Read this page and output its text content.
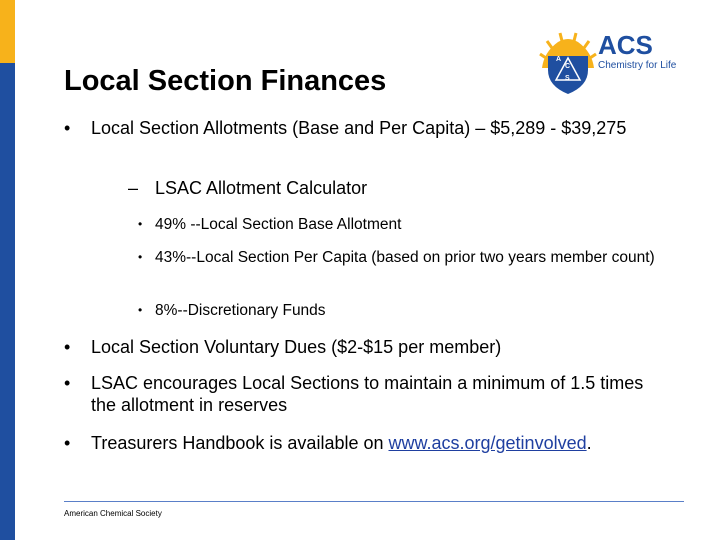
A
C
S
ACS
Chemistry for Life
Local Section Finances
• Local Section Allotments (Base and Per Capita) – $5,289 - $39,275
– LSAC Allotment Calculator
• 49% --Local Section Base Allotment
• 43%--Local Section Per Capita (based on prior two years member count)
• 8%--Discretionary Funds
• Local Section Voluntary Dues ($2-$15 per member)
• LSAC encourages Local Sections to maintain a minimum of 1.5 times the allotment in reserves
• Treasurers Handbook is available on www.acs.org/getinvolved.
American Chemical Society
